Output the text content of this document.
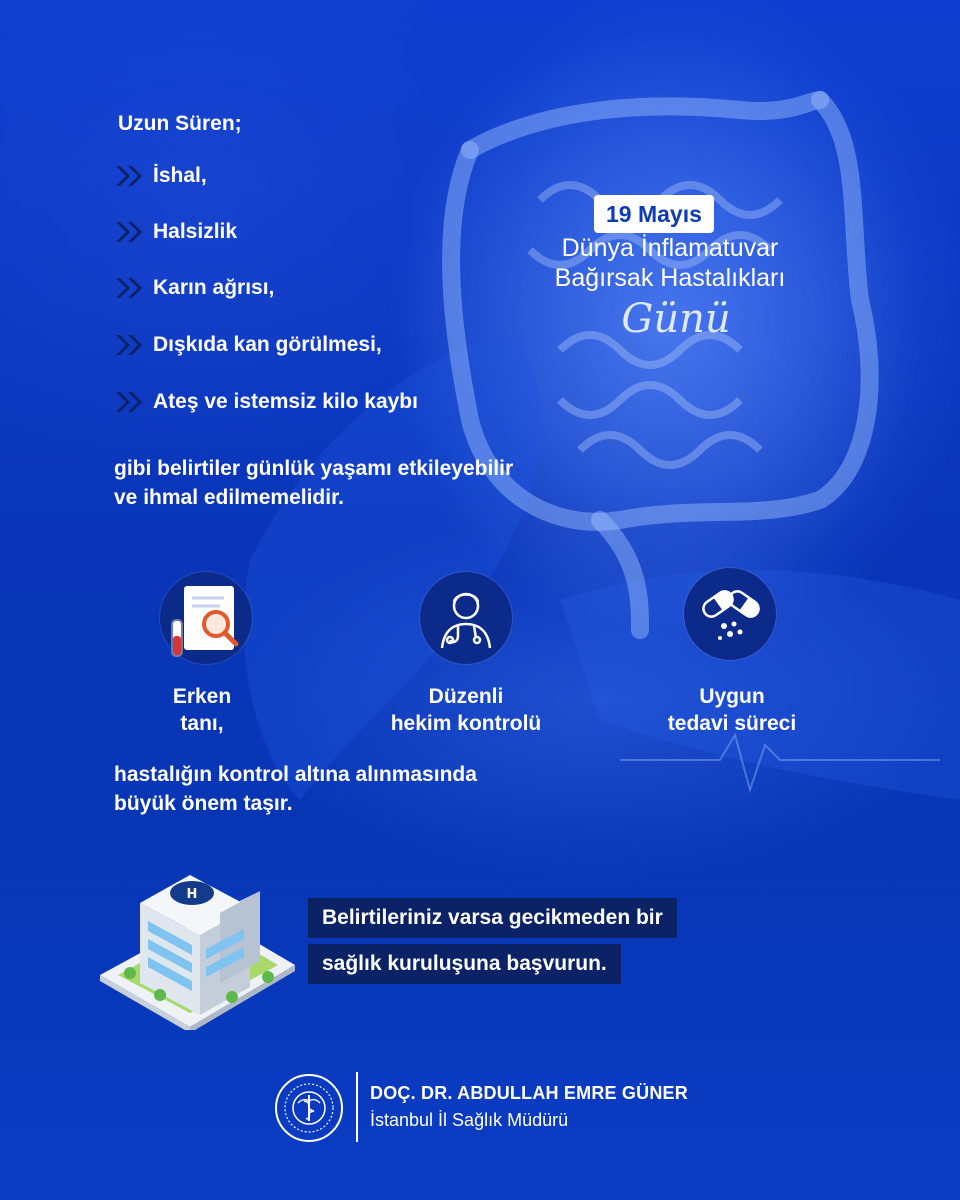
Uzun Süren;
İshal,
Halsizlik
Karın ağrısı,
Dışkıda kan görülmesi,
Ateş ve istemsiz kilo kaybı
gibi belirtiler günlük yaşamı etkileyebilir
ve ihmal edilmemelidir.
19 Mayıs
Dünya İnflamatuvar
Bağırsak Hastalıkları
Günü
Erken
tanı,
Düzenli
hekim kontrolü
Uygun
tedavi süreci
hastalığın kontrol altına alınmasında
büyük önem taşır.
H
Belirtileriniz varsa gecikmeden bir
sağlık kuruluşuna başvurun.
DOÇ. DR. ABDULLAH EMRE GÜNER
İstanbul İl Sağlık Müdürü
